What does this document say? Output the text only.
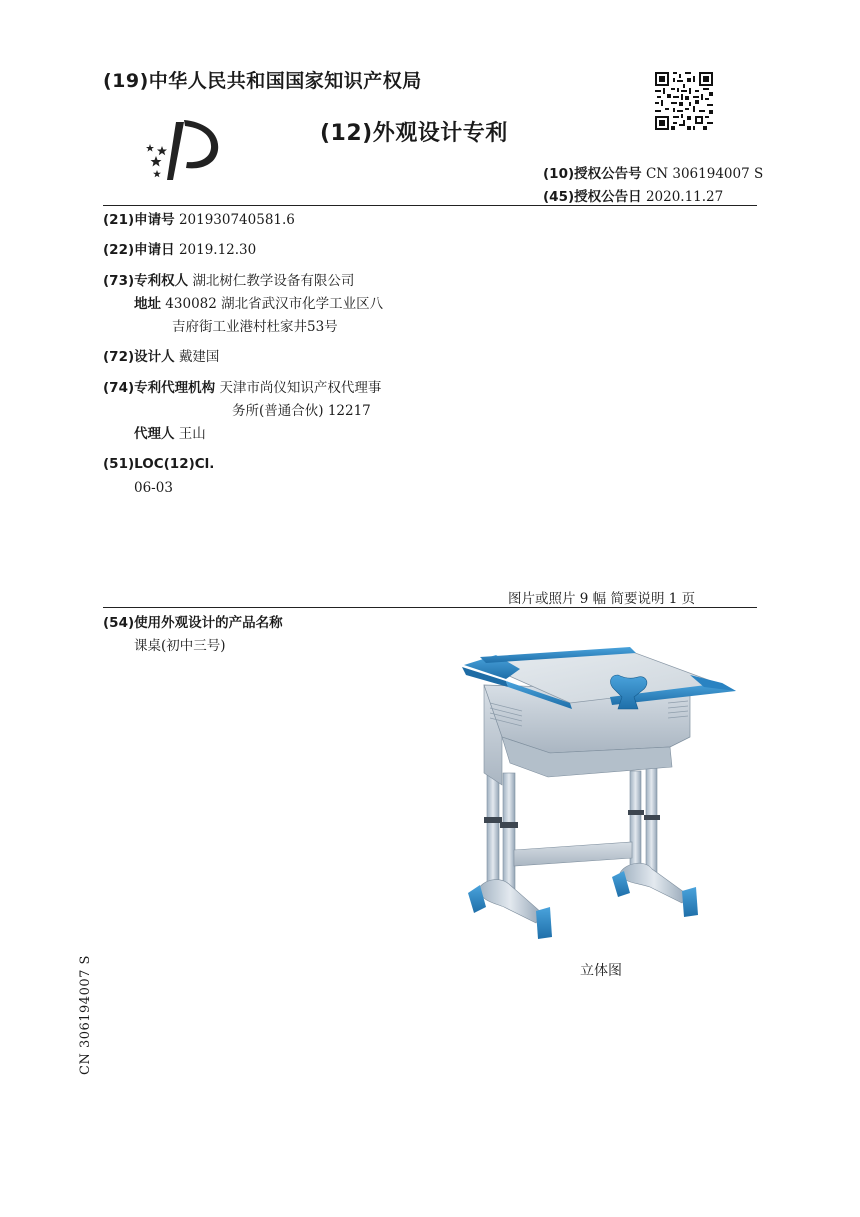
(19)中华人民共和国国家知识产权局
(12)外观设计专利
(10)授权公告号 CN 306194007 S
(45)授权公告日 2020.11.27
(21)申请号 201930740581.6
(22)申请日 2019.12.30
(73)专利权人 湖北树仁教学设备有限公司
地址 430082 湖北省武汉市化学工业区八
吉府街工业港村杜家井53号
(72)设计人 戴建国
(74)专利代理机构 天津市尚仪知识产权代理事
务所(普通合伙) 12217
代理人 王山
(51)LOC(12)Cl.
06-03
图片或照片 9 幅 简要说明 1 页
(54)使用外观设计的产品名称
课桌(初中三号)
立体图
CN 306194007 S
